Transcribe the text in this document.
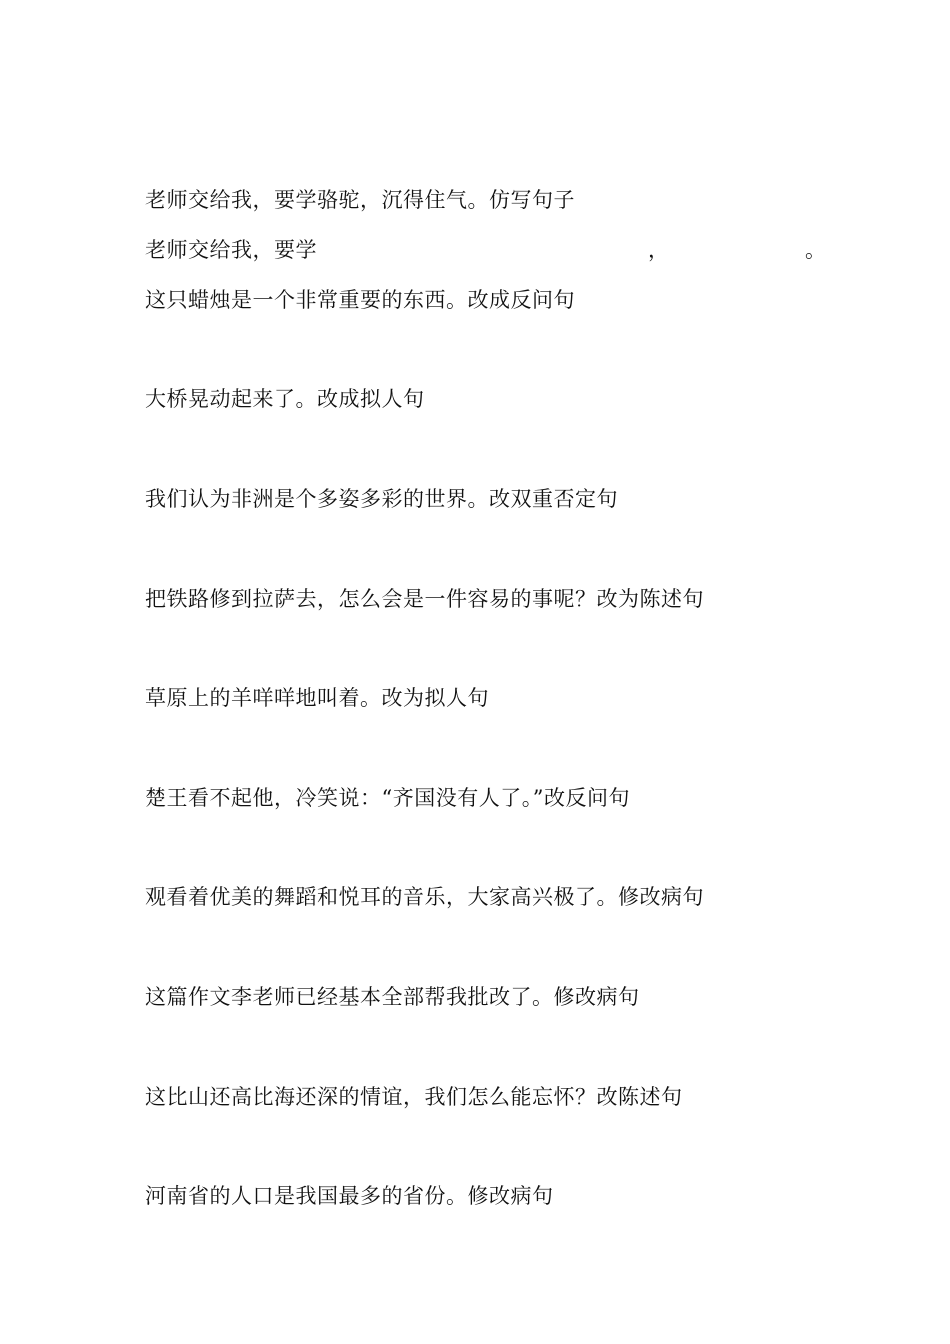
老师交给我，要学骆驼，沉得住气。仿写句子
老师交给我，要学	，	。
这只蜡烛是一个非常重要的东西。改成反问句
大桥晃动起来了。改成拟人句
我们认为非洲是个多姿多彩的世界。改双重否定句
把铁路修到拉萨去，怎么会是一件容易的事呢？改为陈述句
草原上的羊咩咩地叫着。改为拟人句
楚王看不起他，冷笑说：“齐国没有人了。”改反问句
观看着优美的舞蹈和悦耳的音乐，大家高兴极了。修改病句
这篇作文李老师已经基本全部帮我批改了。修改病句
这比山还高比海还深的情谊，我们怎么能忘怀？改陈述句
河南省的人口是我国最多的省份。修改病句
